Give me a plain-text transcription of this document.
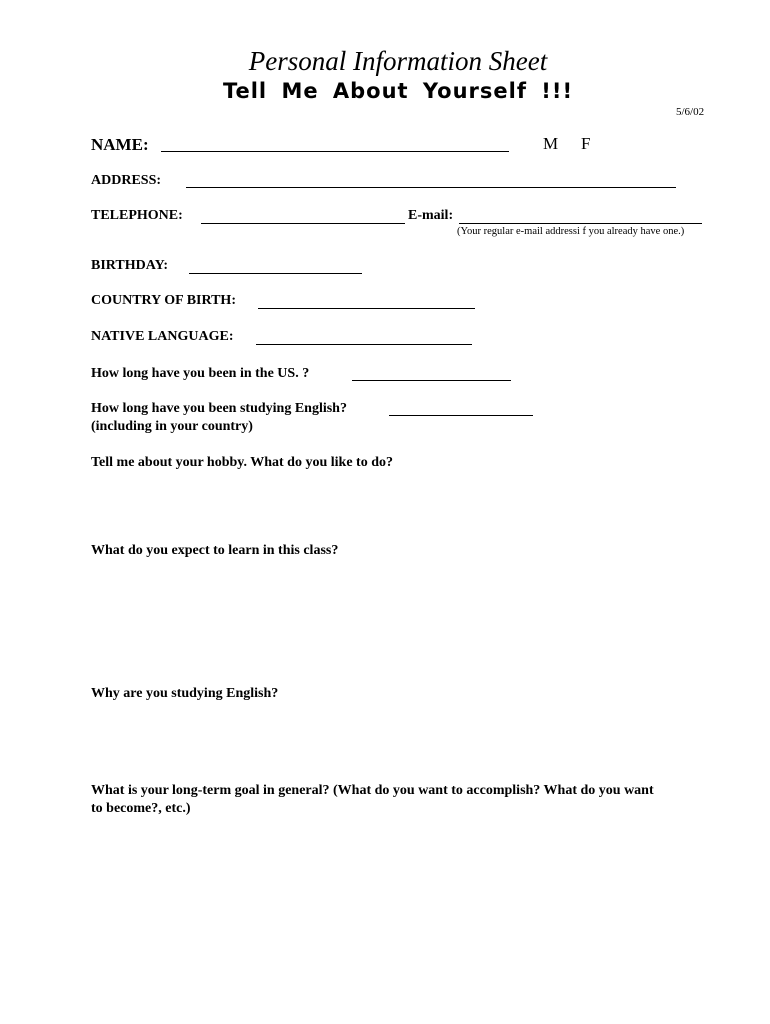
Personal Information Sheet
Tell Me About Yourself !!!
5/6/02
NAME:	M F
ADDRESS:
TELEPHONE:	E-mail:
(Your regular e-mail addressi f you already have one.)
BIRTHDAY:
COUNTRY OF BIRTH:
NATIVE LANGUAGE:
How long have you been in the US. ?
How long have you been studying English?
(including in your country)
Tell me about your hobby. What do you like to do?
What do you expect to learn in this class?
Why are you studying English?
What is your long-term goal in general? (What do you want to accomplish? What do you want
to become?, etc.)
